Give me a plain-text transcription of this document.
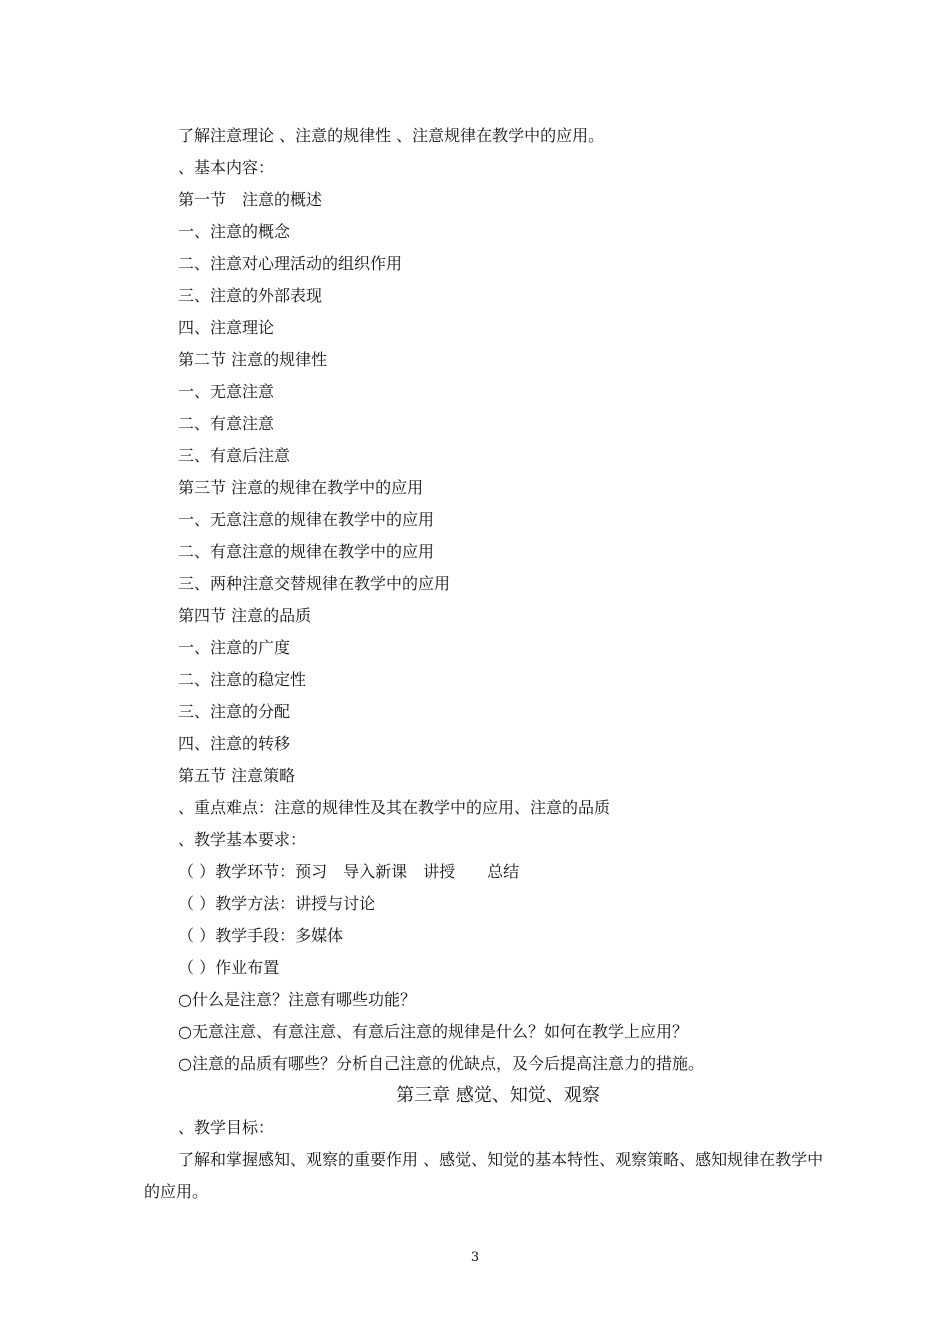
了解注意理论 、注意的规律性 、注意规律在教学中的应用。
、基本内容：
第一节　注意的概述
一、注意的概念
二、注意对心理活动的组织作用
三、注意的外部表现
四、注意理论
第二节 注意的规律性
一、无意注意
二、有意注意
三、有意后注意
第三节 注意的规律在教学中的应用
一、无意注意的规律在教学中的应用
二、有意注意的规律在教学中的应用
三、两种注意交替规律在教学中的应用
第四节 注意的品质
一、注意的广度
二、注意的稳定性
三、注意的分配
四、注意的转移
第五节 注意策略
、重点难点：注意的规律性及其在教学中的应用、注意的品质
、教学基本要求：
（ ）教学环节：预习　导入新课　讲授　　总结
（ ）教学方法：讲授与讨论
（ ）教学手段：多媒体
（ ）作业布置
○什么是注意？注意有哪些功能？
○无意注意、有意注意、有意后注意的规律是什么？如何在教学上应用？
○注意的品质有哪些？分析自己注意的优缺点，及今后提高注意力的措施。
第三章 感觉、知觉、观察
、教学目标：
了解和掌握感知、观察的重要作用 、感觉、知觉的基本特性、观察策略、感知规律在教学中的应用。
3
